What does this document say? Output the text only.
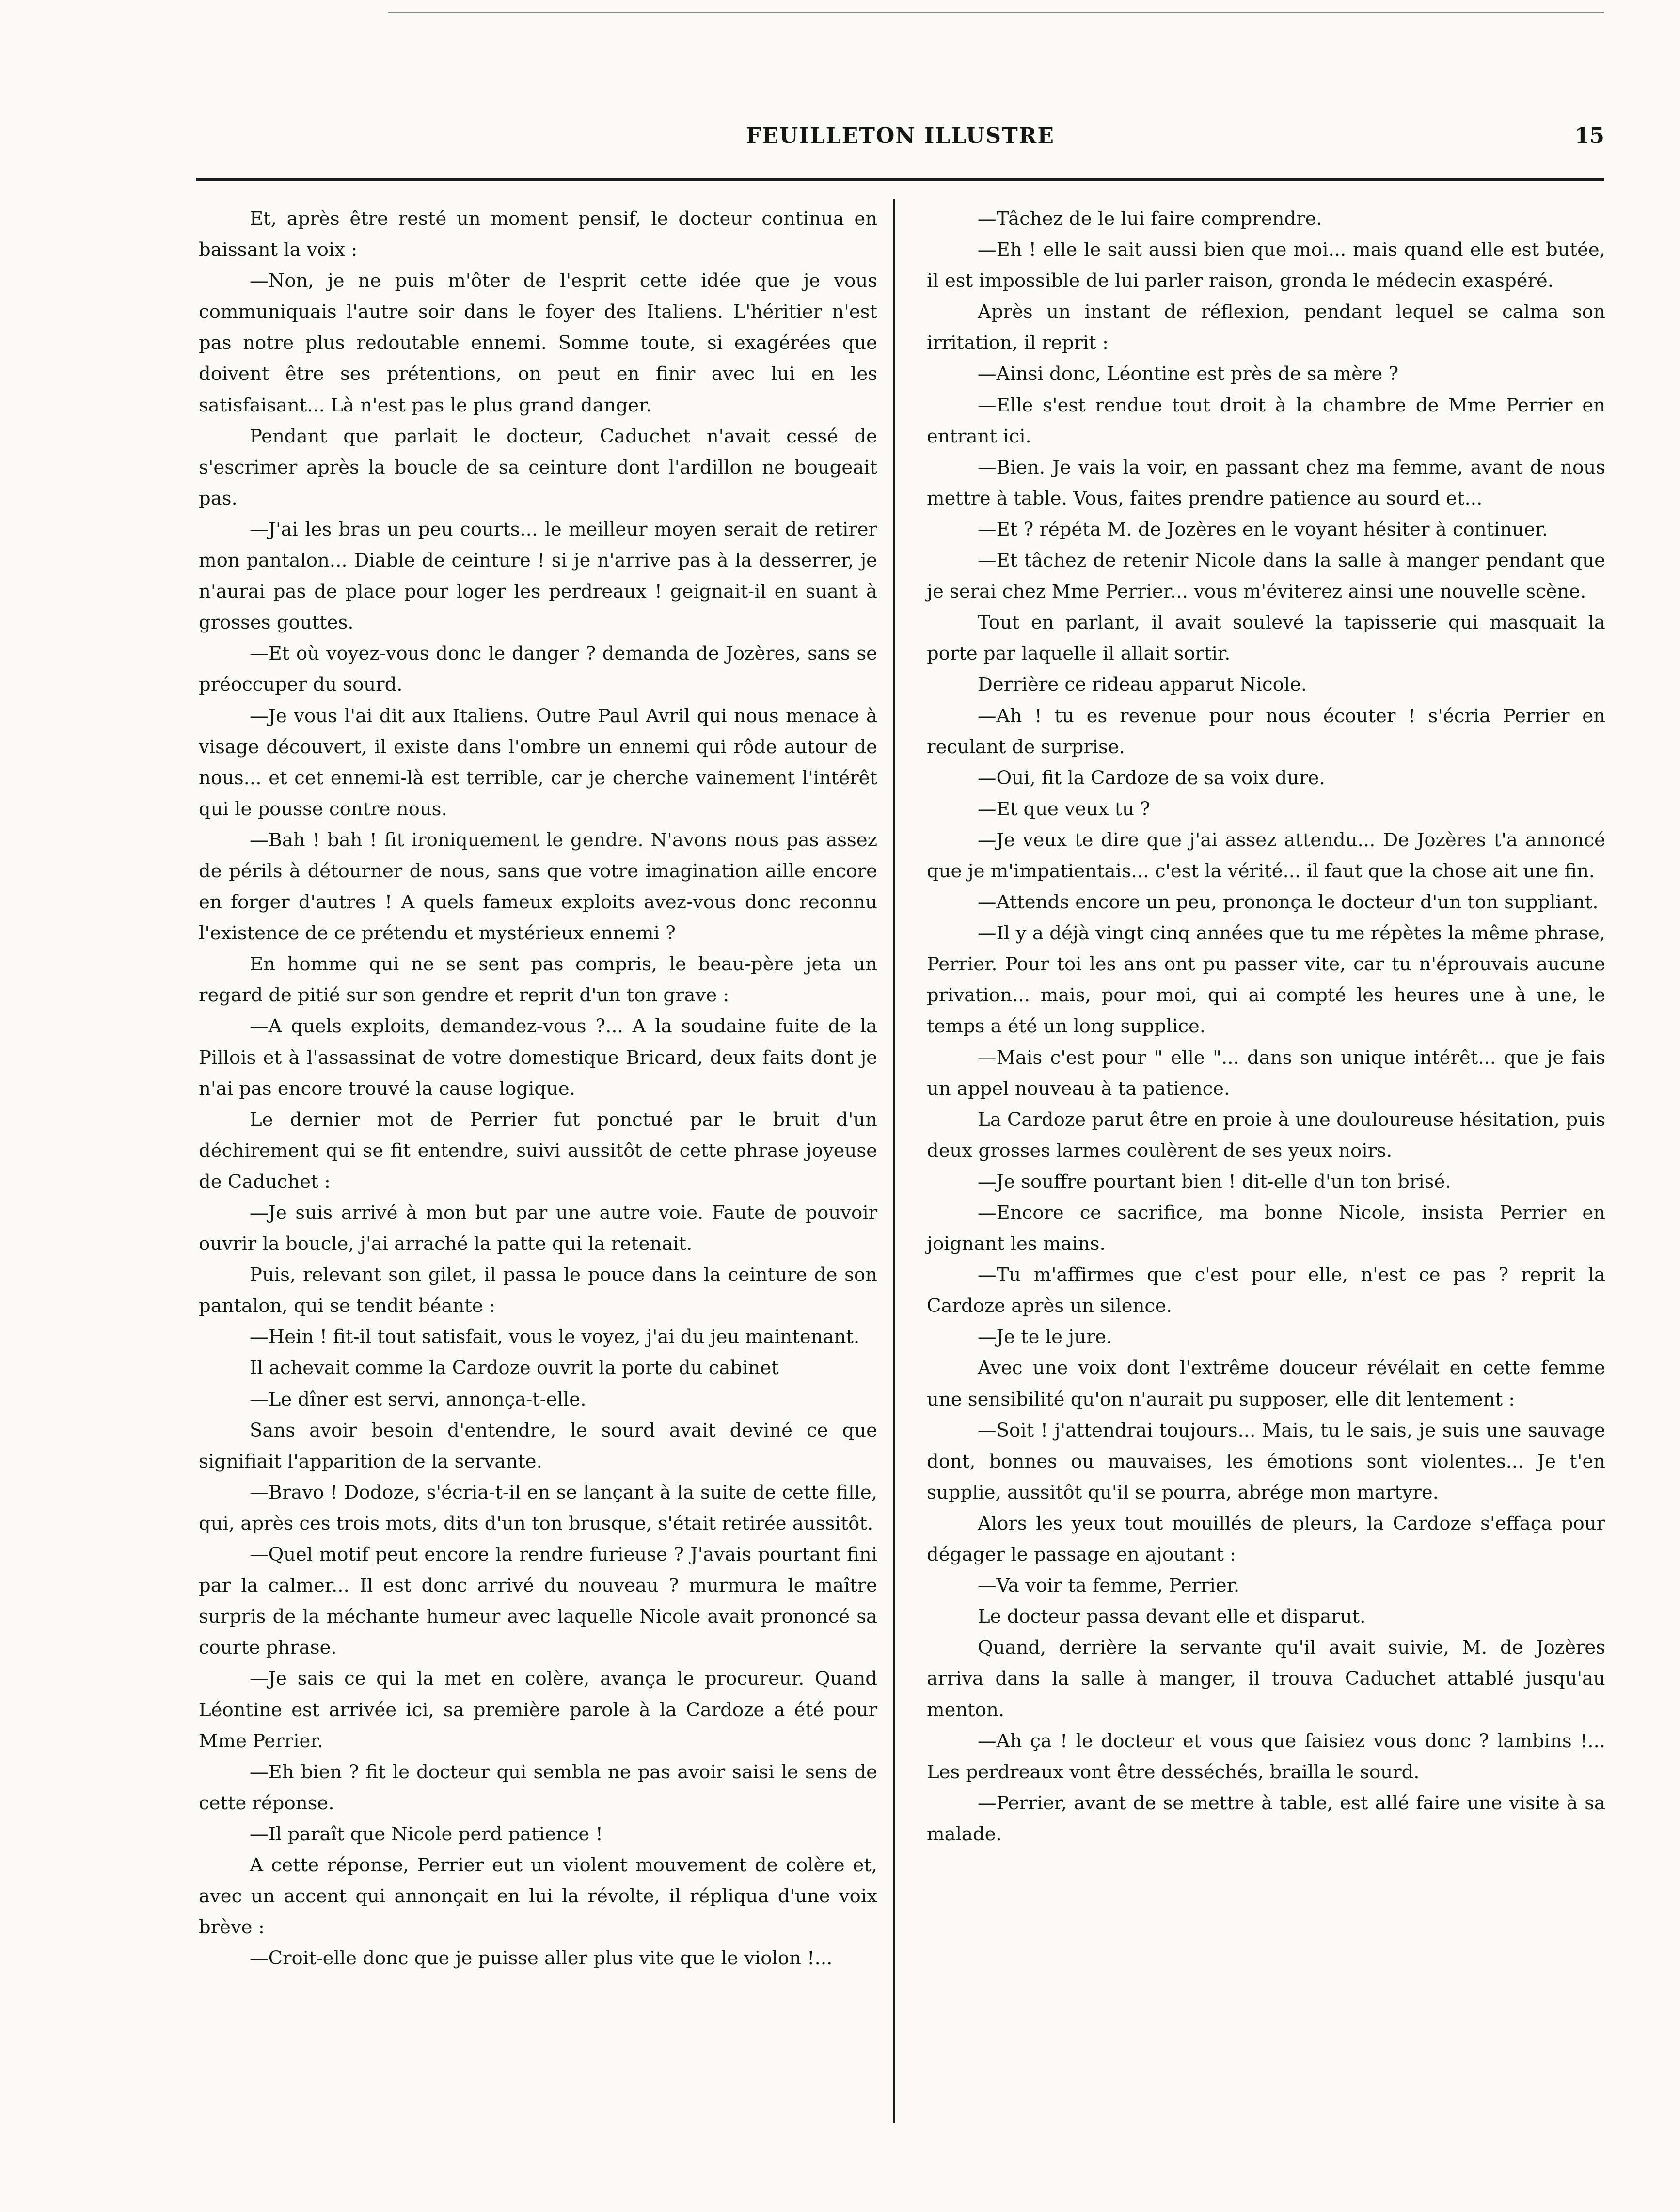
FEUILLETON ILLUSTRE	15

Et, après être resté un moment pensif, le docteur continua en baissant la voix :

—Non, je ne puis m'ôter de l'esprit cette idée que je vous communiquais l'autre soir dans le foyer des Italiens. L'héritier n'est pas notre plus redoutable ennemi. Somme toute, si exagérées que doivent être ses prétentions, on peut en finir avec lui en les satisfaisant... Là n'est pas le plus grand danger.

Pendant que parlait le docteur, Caduchet n'avait cessé de s'escrimer après la boucle de sa ceinture dont l'ardillon ne bougeait pas.

—J'ai les bras un peu courts... le meilleur moyen serait de retirer mon pantalon... Diable de ceinture ! si je n'arrive pas à la desserrer, je n'aurai pas de place pour loger les perdreaux ! geignait-il en suant à grosses gouttes.

—Et où voyez-vous donc le danger ? demanda de Jozères, sans se préoccuper du sourd.

—Je vous l'ai dit aux Italiens. Outre Paul Avril qui nous menace à visage découvert, il existe dans l'ombre un ennemi qui rôde autour de nous... et cet ennemi-là est terrible, car je cherche vainement l'intérêt qui le pousse contre nous.

—Bah ! bah ! fit ironiquement le gendre. N'avons nous pas assez de périls à détourner de nous, sans que votre imagination aille encore en forger d'autres ! A quels fameux exploits avez-vous donc reconnu l'existence de ce prétendu et mystérieux ennemi ?

En homme qui ne se sent pas compris, le beau-père jeta un regard de pitié sur son gendre et reprit d'un ton grave :

—A quels exploits, demandez-vous ?... A la soudaine fuite de la Pillois et à l'assassinat de votre domestique Bricard, deux faits dont je n'ai pas encore trouvé la cause logique.

Le dernier mot de Perrier fut ponctué par le bruit d'un déchirement qui se fit entendre, suivi aussitôt de cette phrase joyeuse de Caduchet :

—Je suis arrivé à mon but par une autre voie. Faute de pouvoir ouvrir la boucle, j'ai arraché la patte qui la retenait.

Puis, relevant son gilet, il passa le pouce dans la ceinture de son pantalon, qui se tendit béante :

—Hein ! fit-il tout satisfait, vous le voyez, j'ai du jeu maintenant.

Il achevait comme la Cardoze ouvrit la porte du cabinet

—Le dîner est servi, annonça-t-elle.

Sans avoir besoin d'entendre, le sourd avait deviné ce que signifiait l'apparition de la servante.

—Bravo ! Dodoze, s'écria-t-il en se lançant à la suite de cette fille, qui, après ces trois mots, dits d'un ton brusque, s'était retirée aussitôt.

—Quel motif peut encore la rendre furieuse ? J'avais pourtant fini par la calmer... Il est donc arrivé du nouveau ? murmura le maître surpris de la méchante humeur avec laquelle Nicole avait prononcé sa courte phrase.

—Je sais ce qui la met en colère, avança le procureur. Quand Léontine est arrivée ici, sa première parole à la Cardoze a été pour Mme Perrier.

—Eh bien ? fit le docteur qui sembla ne pas avoir saisi le sens de cette réponse.

—Il paraît que Nicole perd patience !

A cette réponse, Perrier eut un violent mouvement de colère et, avec un accent qui annonçait en lui la révolte, il répliqua d'une voix brève :

—Croit-elle donc que je puisse aller plus vite que le violon !...

—Tâchez de le lui faire comprendre.

—Eh ! elle le sait aussi bien que moi... mais quand elle est butée, il est impossible de lui parler raison, gronda le médecin exaspéré.

Après un instant de réflexion, pendant lequel se calma son irritation, il reprit :

—Ainsi donc, Léontine est près de sa mère ?

—Elle s'est rendue tout droit à la chambre de Mme Perrier en entrant ici.

—Bien. Je vais la voir, en passant chez ma femme, avant de nous mettre à table. Vous, faites prendre patience au sourd et...

—Et ? répéta M. de Jozères en le voyant hésiter à continuer.

—Et tâchez de retenir Nicole dans la salle à manger pendant que je serai chez Mme Perrier... vous m'éviterez ainsi une nouvelle scène.

Tout en parlant, il avait soulevé la tapisserie qui masquait la porte par laquelle il allait sortir.

Derrière ce rideau apparut Nicole.

—Ah ! tu es revenue pour nous écouter ! s'écria Perrier en reculant de surprise.

—Oui, fit la Cardoze de sa voix dure.

—Et que veux tu ?

—Je veux te dire que j'ai assez attendu... De Jozères t'a annoncé que je m'impatientais... c'est la vérité... il faut que la chose ait une fin.

—Attends encore un peu, prononça le docteur d'un ton suppliant.

—Il y a déjà vingt cinq années que tu me répètes la même phrase, Perrier. Pour toi les ans ont pu passer vite, car tu n'éprouvais aucune privation... mais, pour moi, qui ai compté les heures une à une, le temps a été un long supplice.

—Mais c'est pour " elle "... dans son unique intérêt... que je fais un appel nouveau à ta patience.

La Cardoze parut être en proie à une douloureuse hésitation, puis deux grosses larmes coulèrent de ses yeux noirs.

—Je souffre pourtant bien ! dit-elle d'un ton brisé.

—Encore ce sacrifice, ma bonne Nicole, insista Perrier en joignant les mains.

—Tu m'affirmes que c'est pour elle, n'est ce pas ? reprit la Cardoze après un silence.

—Je te le jure.

Avec une voix dont l'extrême douceur révélait en cette femme une sensibilité qu'on n'aurait pu supposer, elle dit lentement :

—Soit ! j'attendrai toujours... Mais, tu le sais, je suis une sauvage dont, bonnes ou mauvaises, les émotions sont violentes... Je t'en supplie, aussitôt qu'il se pourra, abrége mon martyre.

Alors les yeux tout mouillés de pleurs, la Cardoze s'effaça pour dégager le passage en ajoutant :

—Va voir ta femme, Perrier.

Le docteur passa devant elle et disparut.

Quand, derrière la servante qu'il avait suivie, M. de Jozères arriva dans la salle à manger, il trouva Caduchet attablé jusqu'au menton.

—Ah ça ! le docteur et vous que faisiez vous donc ? lambins !... Les perdreaux vont être desséchés, brailla le sourd.

—Perrier, avant de se mettre à table, est allé faire une visite à sa malade.
